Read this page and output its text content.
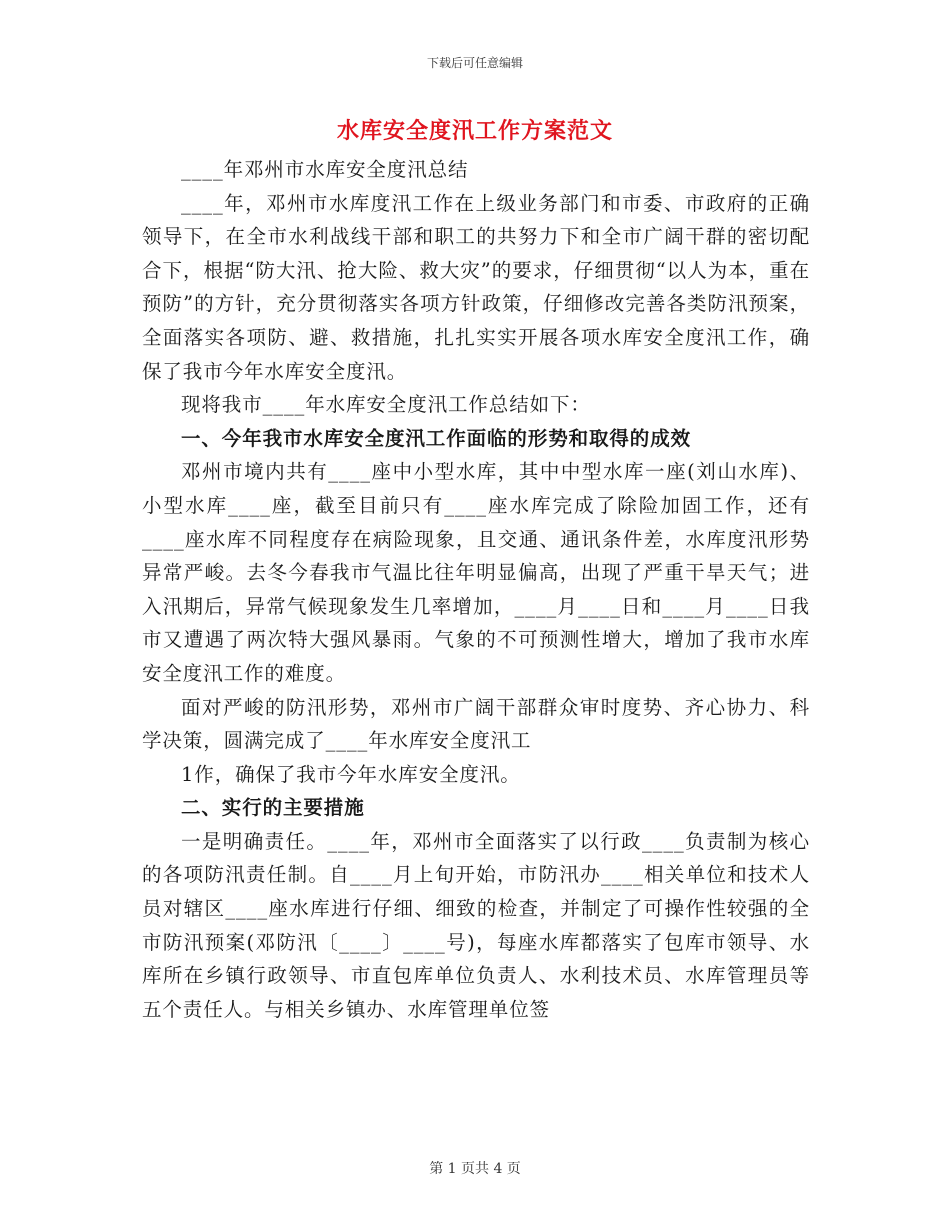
下载后可任意编辑
水库安全度汛工作方案范文

____年邓州市水库安全度汛总结

____年，邓州市水库度汛工作在上级业务部门和市委、市政府的正确领导下，在全市水利战线干部和职工的共努力下和全市广阔干群的密切配合下，根据“防大汛、抢大险、救大灾”的要求，仔细贯彻“以人为本，重在预防”的方针，充分贯彻落实各项方针政策，仔细修改完善各类防汛预案，全面落实各项防、避、救措施，扎扎实实开展各项水库安全度汛工作，确保了我市今年水库安全度汛。

现将我市____年水库安全度汛工作总结如下：

一、今年我市水库安全度汛工作面临的形势和取得的成效

邓州市境内共有____座中小型水库，其中中型水库一座(刘山水库)、小型水库____座，截至目前只有____座水库完成了除险加固工作，还有____座水库不同程度存在病险现象，且交通、通讯条件差，水库度汛形势异常严峻。去冬今春我市气温比往年明显偏高，出现了严重干旱天气；进入汛期后，异常气候现象发生几率增加，____月____日和____月____日我市又遭遇了两次特大强风暴雨。气象的不可预测性增大，增加了我市水库安全度汛工作的难度。

面对严峻的防汛形势，邓州市广阔干部群众审时度势、齐心协力、科学决策，圆满完成了____年水库安全度汛工

1作，确保了我市今年水库安全度汛。

二、实行的主要措施

一是明确责任。____年，邓州市全面落实了以行政____负责制为核心的各项防汛责任制。自____月上旬开始，市防汛办____相关单位和技术人员对辖区____座水库进行仔细、细致的检查，并制定了可操作性较强的全市防汛预案(邓防汛〔____〕____号)，每座水库都落实了包库市领导、水库所在乡镇行政领导、市直包库单位负责人、水利技术员、水库管理员等五个责任人。与相关乡镇办、水库管理单位签

第 1 页共 4 页
